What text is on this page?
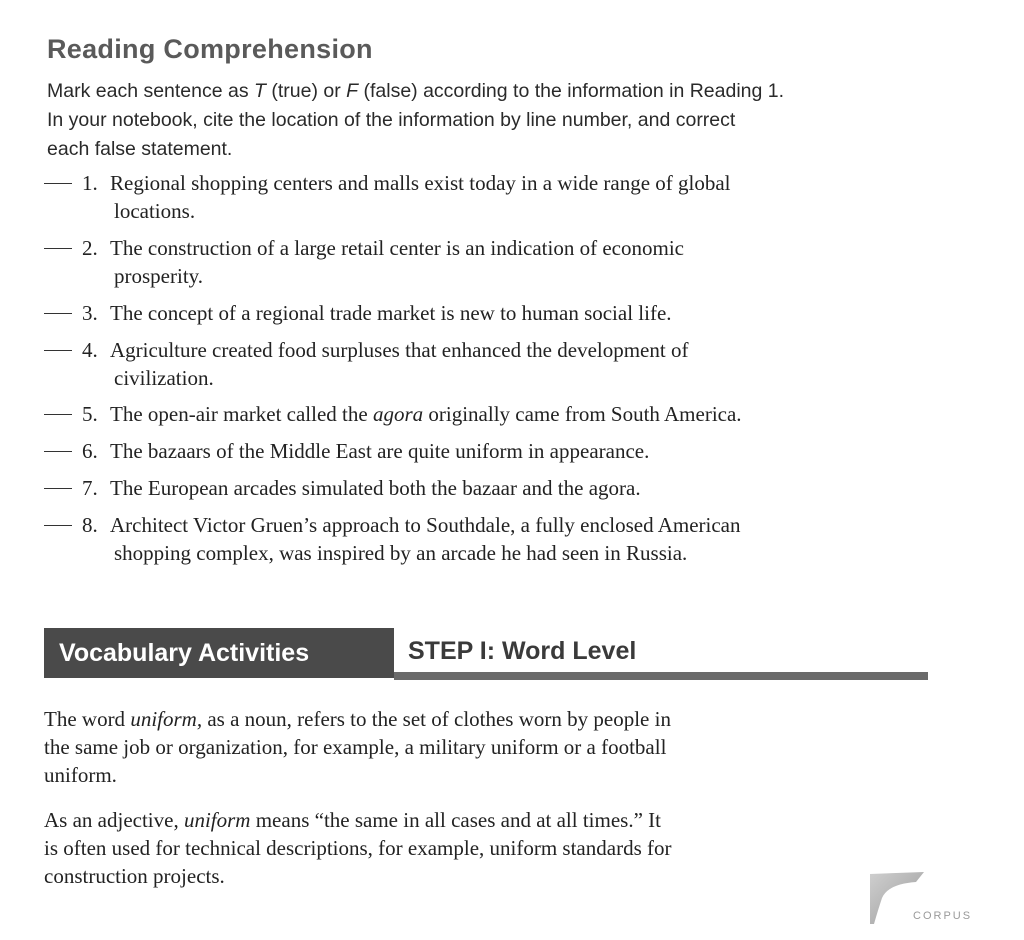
Reading Comprehension
Mark each sentence as T (true) or F (false) according to the information in Reading 1.
In your notebook, cite the location of the information by line number, and correct
each false statement.
1. Regional shopping centers and malls exist today in a wide range of global
locations.
2. The construction of a large retail center is an indication of economic
prosperity.
3. The concept of a regional trade market is new to human social life.
4. Agriculture created food surpluses that enhanced the development of
civilization.
5. The open-air market called the agora originally came from South America.
6. The bazaars of the Middle East are quite uniform in appearance.
7. The European arcades simulated both the bazaar and the agora.
8. Architect Victor Gruen’s approach to Southdale, a fully enclosed American
shopping complex, was inspired by an arcade he had seen in Russia.
Vocabulary Activities	STEP I: Word Level
The word uniform, as a noun, refers to the set of clothes worn by people in
the same job or organization, for example, a military uniform or a football
uniform.
As an adjective, uniform means “the same in all cases and at all times.” It
is often used for technical descriptions, for example, uniform standards for
construction projects.
CORPUS
